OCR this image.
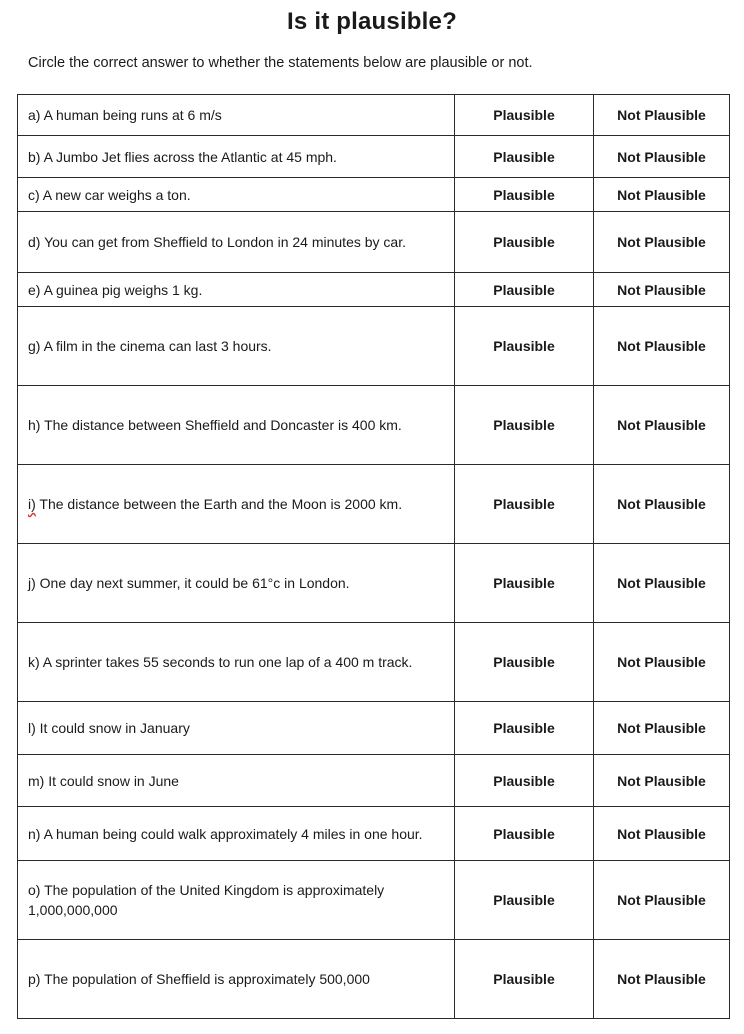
Is it plausible?
Circle the correct answer to whether the statements below are plausible or not.
a) A human being runs at 6 m/s	Plausible	Not Plausible
b) A Jumbo Jet flies across the Atlantic at 45 mph.	Plausible	Not Plausible
c) A new car weighs a ton.	Plausible	Not Plausible
d) You can get from Sheffield to London in 24 minutes by car.	Plausible	Not Plausible
e) A guinea pig weighs 1 kg.	Plausible	Not Plausible
g) A film in the cinema can last 3 hours.	Plausible	Not Plausible
h) The distance between Sheffield and Doncaster is 400 km.	Plausible	Not Plausible
i) The distance between the Earth and the Moon is 2000 km.	Plausible	Not Plausible
j) One day next summer, it could be 61°c in London.	Plausible	Not Plausible
k) A sprinter takes 55 seconds to run one lap of a 400 m track.	Plausible	Not Plausible
l) It could snow in January	Plausible	Not Plausible
m) It could snow in June	Plausible	Not Plausible
n) A human being could walk approximately 4 miles in one hour.	Plausible	Not Plausible
o) The population of the United Kingdom is approximately 1,000,000,000	Plausible	Not Plausible
p) The population of Sheffield is approximately 500,000	Plausible	Not Plausible
